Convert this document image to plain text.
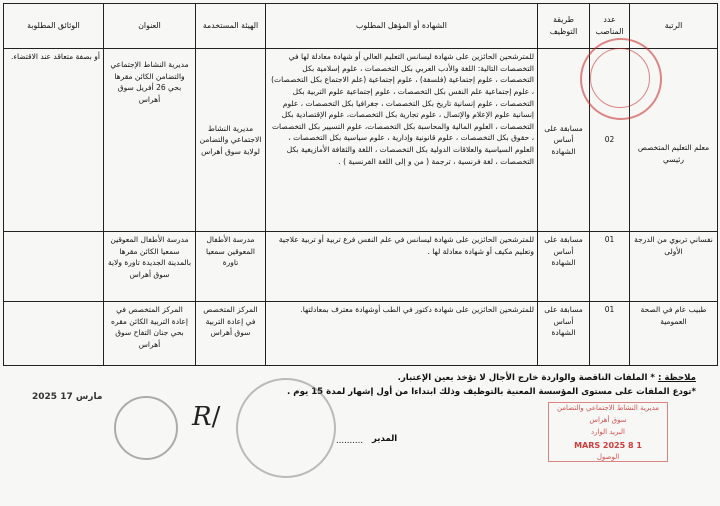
الرتبة	عدد المناصب	طريقة التوظيف	الشهادة أو المؤهل المطلوب	الهيئة المستخدمة	العنوان	الوثائق المطلوبة
معلم التعليم المتخصص رئيسي	02	مسابقة على أساس الشهادة	للمترشحين الحائزين على شهادة ليسانس التعليم العالي أو شهادة معادلة لها في التخصصات التالية: اللغة والأدب العربي بكل التخصصات ، علوم إسلامية بكل التخصصات ، علوم إجتماعية (فلسفة) ، علوم إجتماعية (علم الاجتماع بكل التخصصات) ، علوم إجتماعية علم النفس بكل التخصصات ، علوم إجتماعية علوم التربية بكل التخصصات ، علوم إنسانية تاريخ بكل التخصصات ، جغرافيا بكل التخصصات ، علوم إنسانية علوم الإعلام والإتصال ، علوم تجارية بكل التخصصات، علوم الإقتصادية بكل التخصصات ، العلوم المالية والمحاسبة بكل التخصصات، علوم التسيير بكل التخصصات ، حقوق بكل التخصصات ، علوم قانونية وإدارية ، علوم سياسية بكل التخصصات ، العلوم السياسية والعلاقات الدولية بكل التخصصات ، اللغة والثقافة الأمازيغية بكل التخصصات ، لغة فرنسية ، ترجمة ( من و إلى اللغة الفرنسية ) .	مديرية النشاط الاجتماعي والتضامن لولاية سوق أهراس	مديرية النشاط الإجتماعي والتضامن الكائن مقرها بحي 26 أفريل سوق أهراس	أو بصفة متعاقد عند الاقتضاء.
نفساني تربوي من الدرجة الأولى	01	مسابقة على أساس الشهادة	للمترشحين الحائزين على شهادة ليسانس في علم النفس فرع تربية أو تربية علاجية وتعليم مكيف أو شهادة معادلة لها .	مدرسة الأطفال المعوقين سمعيا تاورة	مدرسة الأطفال المعوقين سمعيا الكائن مقرها بالمدينة الجديدة تاورة ولاية سوق أهراس	
طبيب عام في الصحة العمومية	01	مسابقة على أساس الشهادة	للمترشحين الحائزين على شهادة دكتور في الطب أوشهادة معترف بمعادلتها.	المركز المتخصص في إعادة التربية سوق أهراس	المركز المتخصص في إعادة التربية الكائن مقره بحي جنان التفاح سوق أهراس	
ملاحظة : * الملفات الناقصة والواردة خارج الأجال لا تؤخذ بعين الإعتبار.
*تودع الملفات على مستوى المؤسسة المعنية بالتوظيف وذلك ابتداءا من أول إشهار لمدة 15 يوم .
2025 مارس 17
𝑅/
.......... المدير
مديرية النشاط الاجتماعي والتضامن سوق أهراس
البريد الوارد
1 8 MARS 2025
الوصول
